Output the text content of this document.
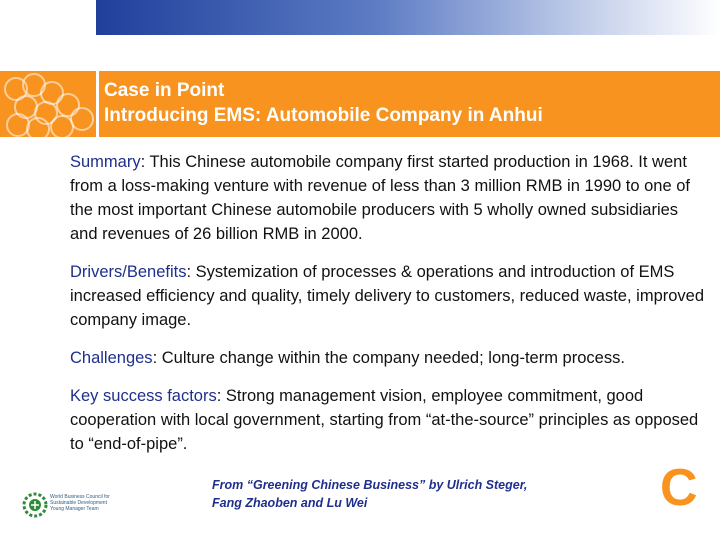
Case in Point
Introducing EMS: Automobile Company in Anhui

Summary: This Chinese automobile company first started production in 1968. It went from a loss-making venture with revenue of less than 3 million RMB in 1990 to one of the most important Chinese automobile producers with 5 wholly owned subsidiaries and revenues of 26 billion RMB in 2000.

Drivers/Benefits: Systemization of processes & operations and introduction of EMS increased efficiency and quality, timely delivery to customers, reduced waste, improved company image.

Challenges: Culture change within the company needed; long-term process.

Key success factors: Strong management vision, employee commitment, good cooperation with local government, starting from “at-the-source” principles as opposed to “end-of-pipe”.

World Business Council for
Sustainable Development
Young Manager Team
From “Greening Chinese Business” by Ulrich Steger, Fang Zhaoben and Lu Wei	C
